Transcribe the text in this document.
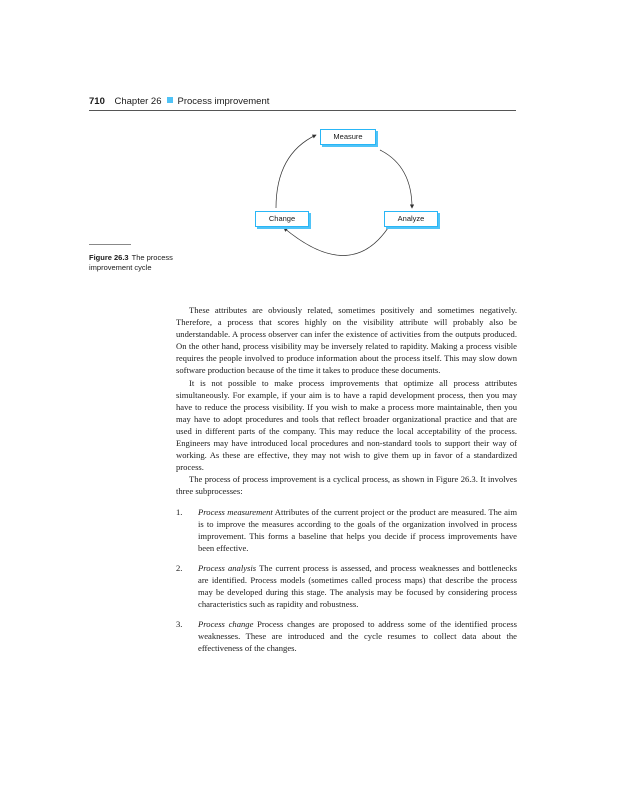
710 Chapter 26 Process improvement
Measure
Analyze
Change
Figure 26.3 The process improvement cycle

These attributes are obviously related, sometimes positively and sometimes negatively. Therefore, a process that scores highly on the visibility attribute will probably also be understandable. A process observer can infer the existence of activities from the outputs produced. On the other hand, process visibility may be inversely related to rapidity. Making a process visible requires the people involved to produce information about the process itself. This may slow down software production because of the time it takes to produce these documents.

It is not possible to make process improvements that optimize all process attributes simultaneously. For example, if your aim is to have a rapid development process, then you may have to reduce the process visibility. If you wish to make a process more maintainable, then you may have to adopt procedures and tools that reflect broader organizational practice and that are used in different parts of the company. This may reduce the local acceptability of the process. Engineers may have introduced local procedures and non-standard tools to support their way of working. As these are effective, they may not wish to give them up in favor of a standardized process.

The process of process improvement is a cyclical process, as shown in Figure 26.3. It involves three subprocesses:

1. Process measurement Attributes of the current project or the product are measured. The aim is to improve the measures according to the goals of the organization involved in process improvement. This forms a baseline that helps you decide if process improvements have been effective.
2. Process analysis The current process is assessed, and process weaknesses and bottlenecks are identified. Process models (sometimes called process maps) that describe the process may be developed during this stage. The analysis may be focused by considering process characteristics such as rapidity and robustness.
3. Process change Process changes are proposed to address some of the identified process weaknesses. These are introduced and the cycle resumes to collect data about the effectiveness of the changes.
